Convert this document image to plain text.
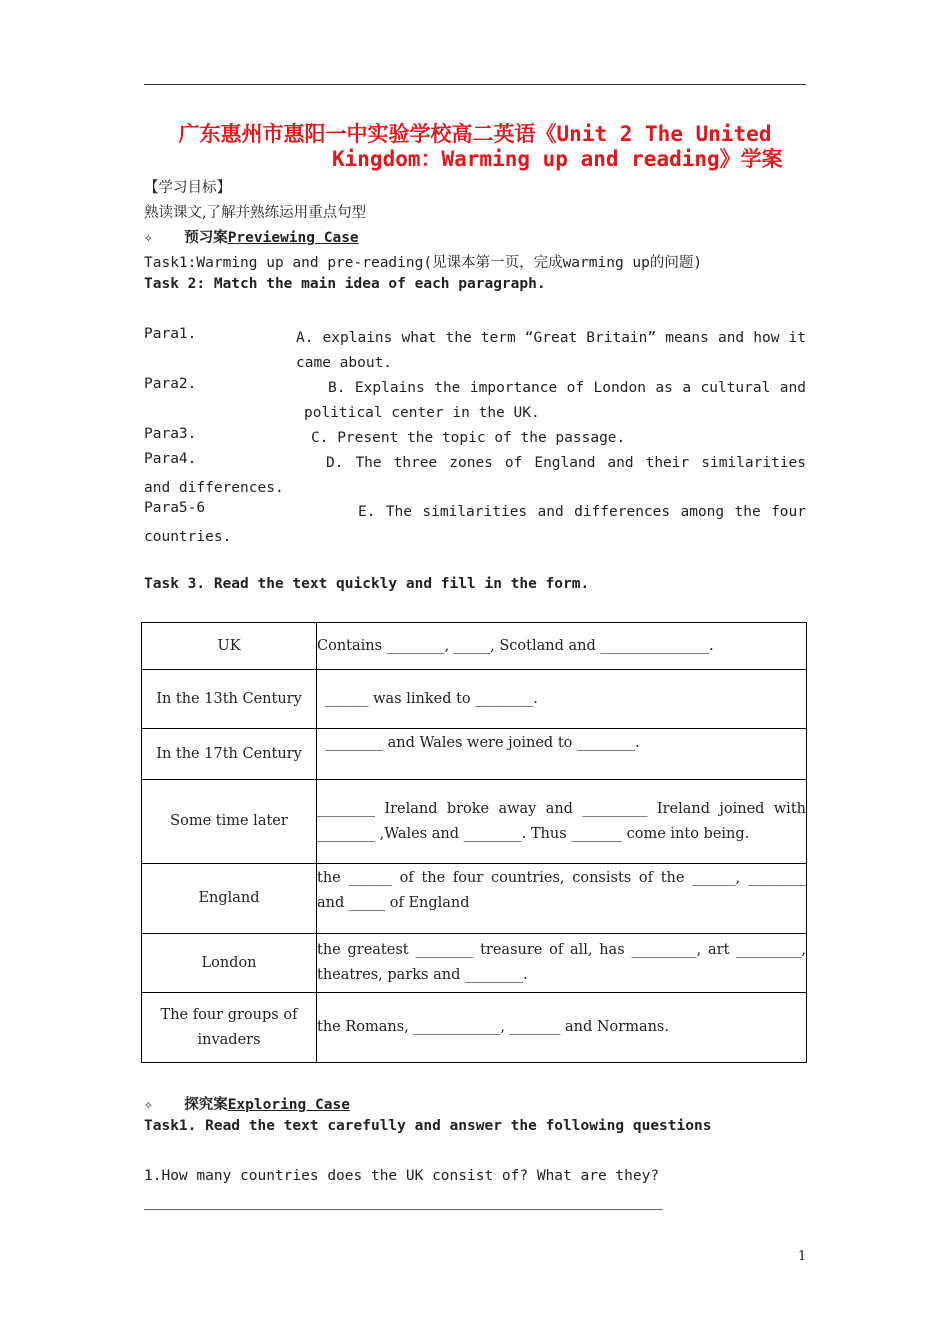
广东惠州市惠阳一中实验学校高二英语《Unit 2 The United
Kingdom：Warming up and reading》学案
【学习目标】
熟读课文,了解并熟练运用重点句型
✧ 预习案Previewing Case
Task1:Warming up and pre-reading(见课本第一页，完成warming up的问题)
Task 2: Match the main idea of each paragraph.
Para1.	A. explains what the term “Great Britain” means and how it came about.
Para2.	B. Explains the importance of London as a cultural and political center in the UK.
Para3.	C. Present the topic of the passage.
Para4.	D. The three zones of England and their similarities and differences.
Para5-6	E. The similarities and differences among the four countries.
Task 3. Read the text quickly and fill in the form.
UK	Contains ________, _____, Scotland and _______________.
In the 13th Century	______ was linked to ________.
In the 17th Century	________ and Wales were joined to ________.
Some time later	________ Ireland broke away and _________ Ireland joined with ________ ,Wales and ________. Thus _______ come into being.
England	the ______ of the four countries, consists of the ______, ________ and _____ of England
London	the greatest ________ treasure of all, has _________, art _________, theatres, parks and ________.
The four groups of invaders	the Romans, ____________, _______ and Normans.
✧ 探究案Exploring Case
Task1. Read the text carefully and answer the following questions
1.How many countries does the UK consist of? What are they?
1
